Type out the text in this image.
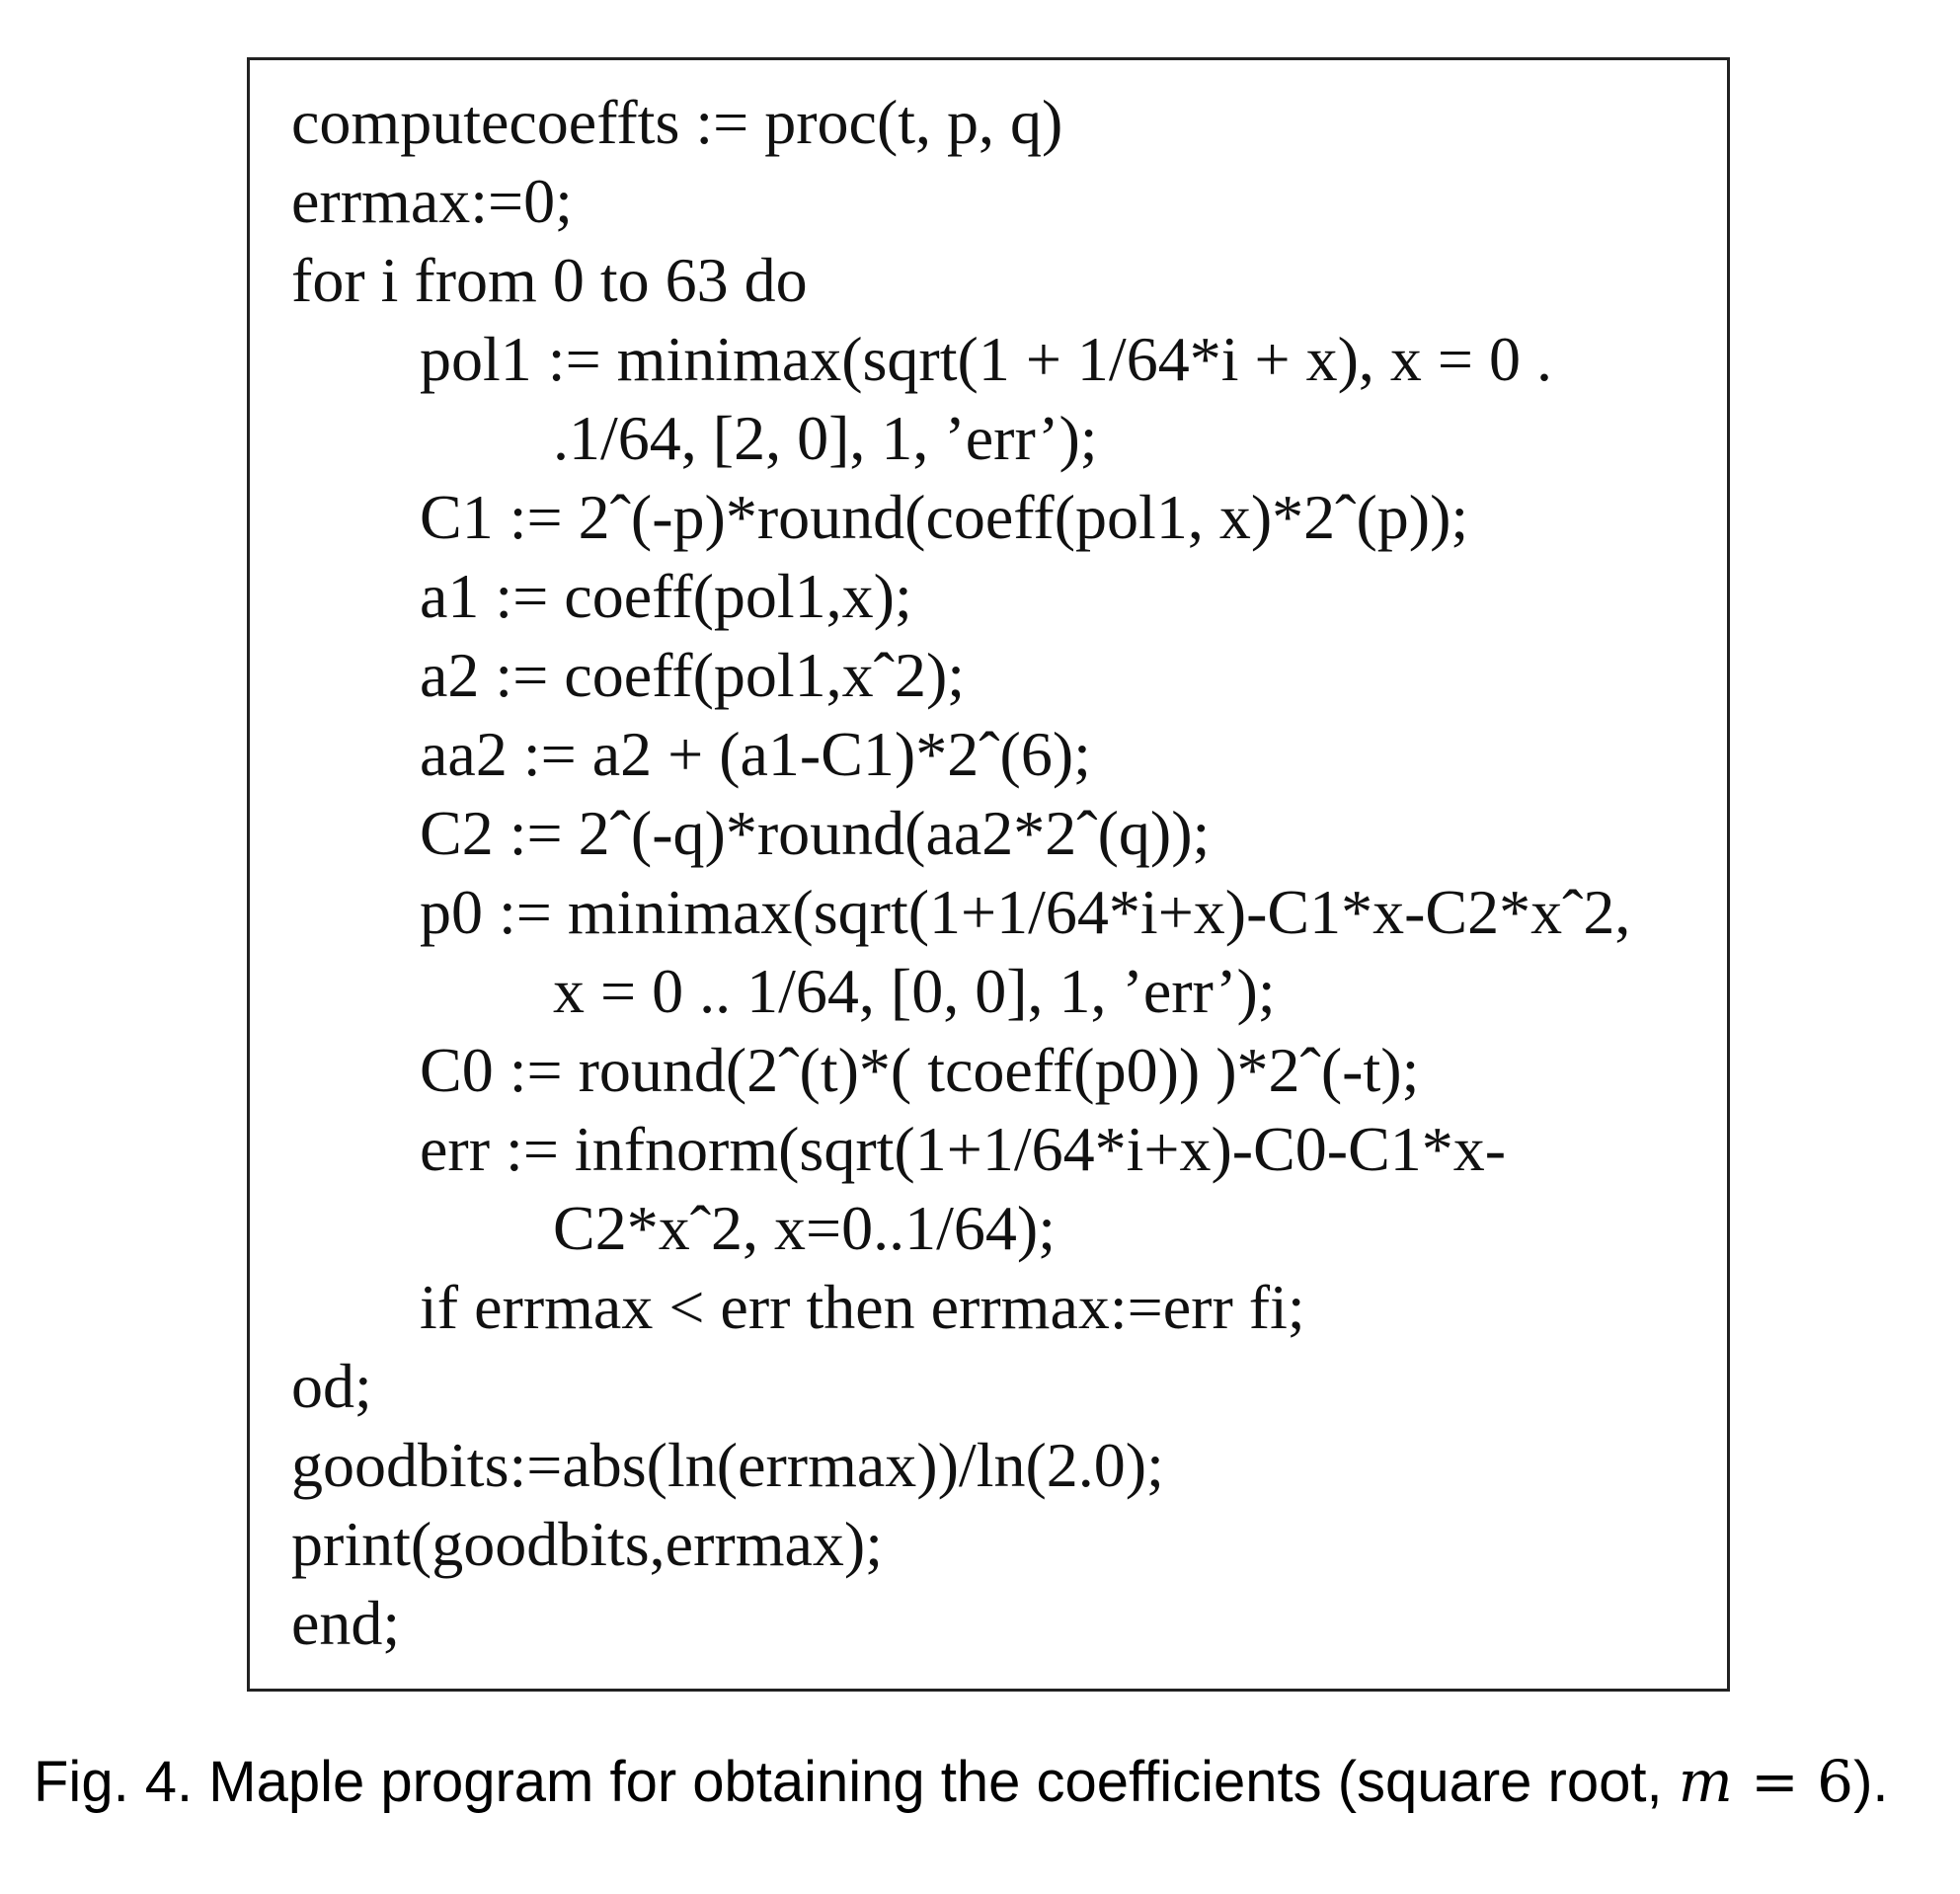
computecoeffts := proc(t, p, q)
errmax:=0;
for i from 0 to 63 do
pol1 := minimax(sqrt(1 + 1/64*i + x), x = 0 .
.1/64, [2, 0], 1, ’err’);
C1 := 2ˆ(-p)*round(coeff(pol1, x)*2ˆ(p));
a1 := coeff(pol1,x);
a2 := coeff(pol1,xˆ2);
aa2 := a2 + (a1-C1)*2ˆ(6);
C2 := 2ˆ(-q)*round(aa2*2ˆ(q));
p0 := minimax(sqrt(1+1/64*i+x)-C1*x-C2*xˆ2,
x = 0 .. 1/64, [0, 0], 1, ’err’);
C0 := round(2ˆ(t)*( tcoeff(p0)) )*2ˆ(-t);
err := infnorm(sqrt(1+1/64*i+x)-C0-C1*x-
C2*xˆ2, x=0..1/64);
if errmax < err then errmax:=err fi;
od;
goodbits:=abs(ln(errmax))/ln(2.0);
print(goodbits,errmax);
end;
Fig. 4. Maple program for obtaining the coefficients (square root, m = 6).
